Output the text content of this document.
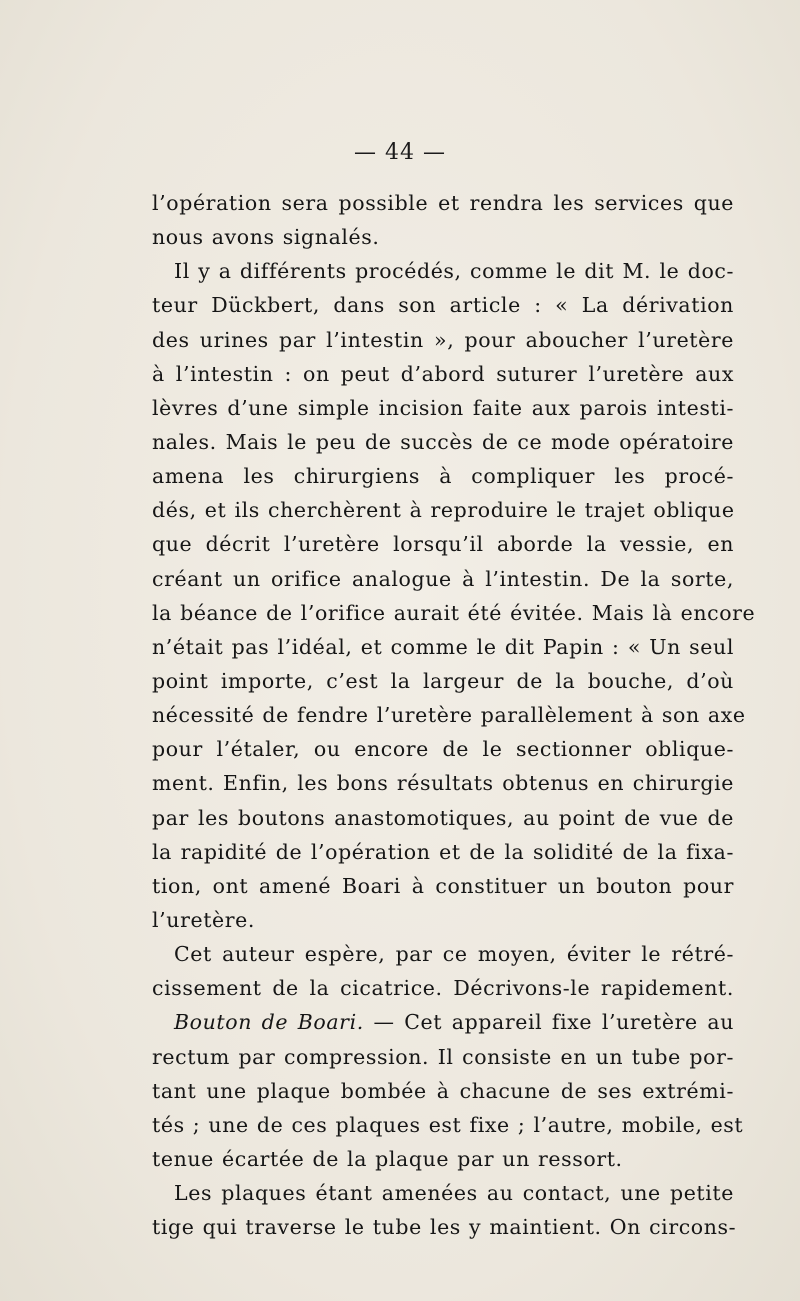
— 44 —
l’opération sera possible et rendra les services que
nous avons signalés.
Il y a différents procédés, comme le dit M. le doc-
teur Dückbert, dans son article : « La dérivation
des urines par l’intestin », pour aboucher l’uretère
à l’intestin : on peut d’abord suturer l’uretère aux
lèvres d’une simple incision faite aux parois intesti-
nales. Mais le peu de succès de ce mode opératoire
amena les chirurgiens à compliquer les procé-
dés, et ils cherchèrent à reproduire le trajet oblique
que décrit l’uretère lorsqu’il aborde la vessie, en
créant un orifice analogue à l’intestin. De la sorte,
la béance de l’orifice aurait été évitée. Mais là encore
n’était pas l’idéal, et comme le dit Papin : « Un seul
point importe, c’est la largeur de la bouche, d’où
nécessité de fendre l’uretère parallèlement à son axe
pour l’étaler, ou encore de le sectionner oblique-
ment. Enfin, les bons résultats obtenus en chirurgie
par les boutons anastomotiques, au point de vue de
la rapidité de l’opération et de la solidité de la fixa-
tion, ont amené Boari à constituer un bouton pour
l’uretère.
Cet auteur espère, par ce moyen, éviter le rétré-
cissement de la cicatrice. Décrivons-le rapidement.
Bouton de Boari. — Cet appareil fixe l’uretère au
rectum par compression. Il consiste en un tube por-
tant une plaque bombée à chacune de ses extrémi-
tés ; une de ces plaques est fixe ; l’autre, mobile, est
tenue écartée de la plaque par un ressort.
Les plaques étant amenées au contact, une petite
tige qui traverse le tube les y maintient. On circons-
